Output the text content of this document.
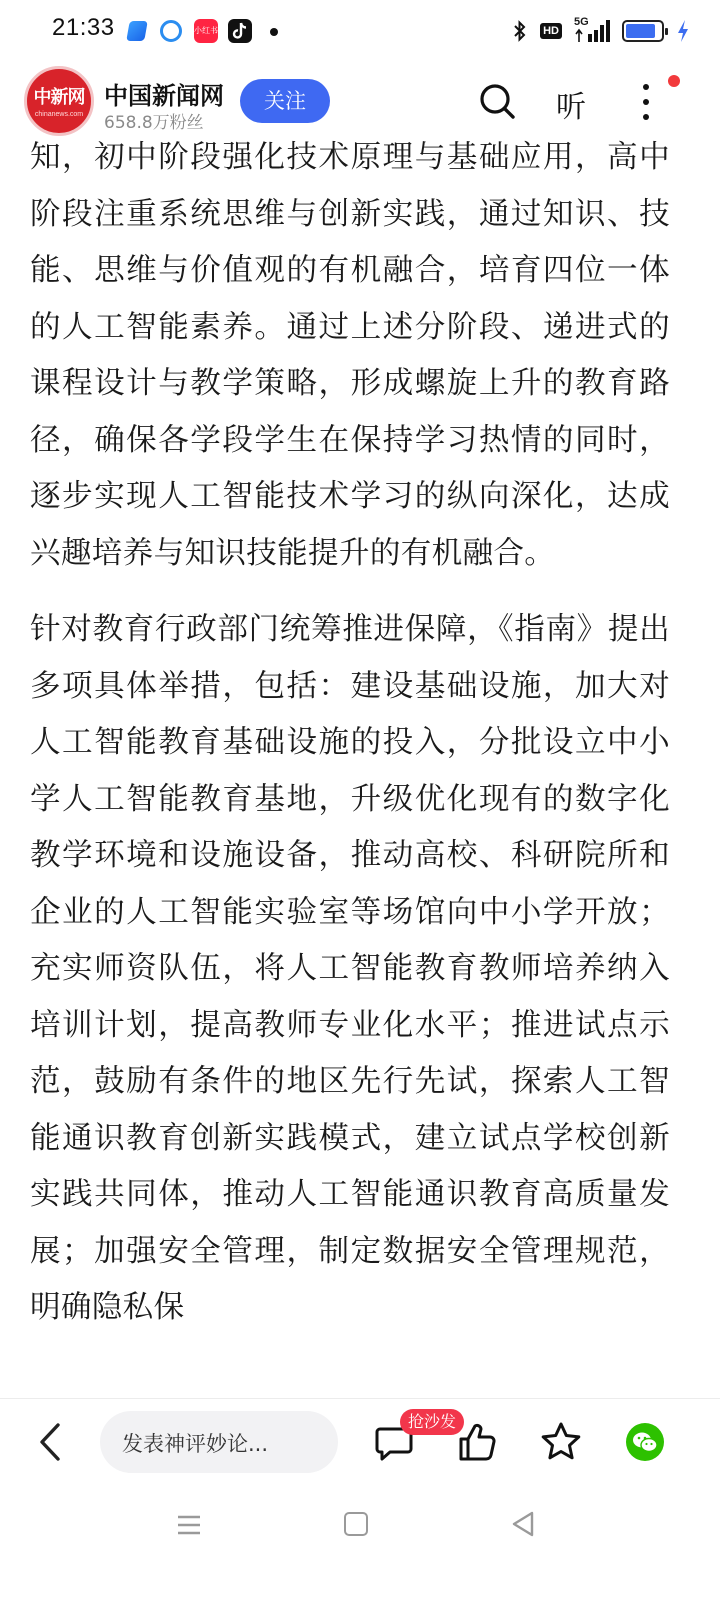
21:33	小红书	HD
5G
中新网
chinanews.com
中国新闻网
658.8万粉丝
关注	听

知，初中阶段强化技术原理与基础应用，高中阶段注重系统思维与创新实践，通过知识、技能、思维与价值观的有机融合，培育四位一体的人工智能素养。通过上述分阶段、递进式的课程设计与教学策略，形成螺旋上升的教育路径，确保各学段学生在保持学习热情的同时，逐步实现人工智能技术学习的纵向深化，达成兴趣培养与知识技能提升的有机融合。

针对教育行政部门统筹推进保障，《指南》提出多项具体举措，包括：建设基础设施，加大对人工智能教育基础设施的投入，分批设立中小学人工智能教育基地，升级优化现有的数字化教学环境和设施设备，推动高校、科研院所和企业的人工智能实验室等场馆向中小学开放；充实师资队伍，将人工智能教育教师培养纳入培训计划，提高教师专业化水平；推进试点示范，鼓励有条件的地区先行先试，探索人工智能通识教育创新实践模式，建立试点学校创新实践共同体，推动人工智能通识教育高质量发展；加强安全管理，制定数据安全管理规范，明确隐私保

发表神评妙论...
抢沙发
